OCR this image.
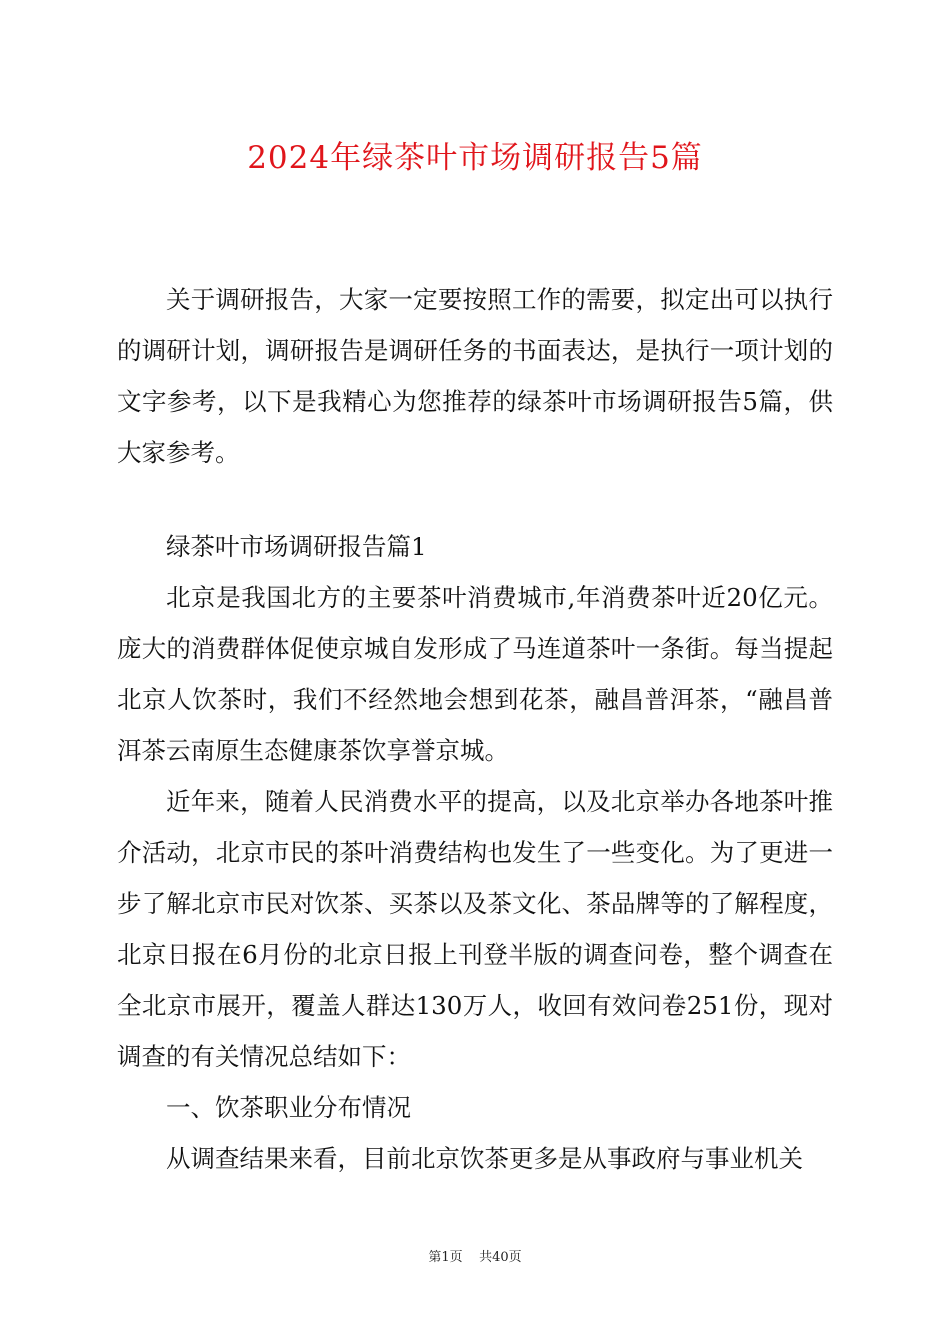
2024年绿茶叶市场调研报告5篇

关于调研报告，大家一定要按照工作的需要，拟定出可以执行的调研计划，调研报告是调研任务的书面表达，是执行一项计划的文字参考，以下是我精心为您推荐的绿茶叶市场调研报告5篇，供大家参考。

绿茶叶市场调研报告篇1

北京是我国北方的主要茶叶消费城市,年消费茶叶近20亿元。庞大的消费群体促使京城自发形成了马连道茶叶一条街。每当提起北京人饮茶时，我们不经然地会想到花茶，融昌普洱茶，“融昌普洱茶云南原生态健康茶饮享誉京城。

近年来，随着人民消费水平的提高，以及北京举办各地茶叶推介活动，北京市民的茶叶消费结构也发生了一些变化。为了更进一步了解北京市民对饮茶、买茶以及茶文化、茶品牌等的了解程度，北京日报在6月份的北京日报上刊登半版的调查问卷，整个调查在全北京市展开，覆盖人群达130万人，收回有效问卷251份，现对调查的有关情况总结如下：

一、饮茶职业分布情况

从调查结果来看，目前北京饮茶更多是从事政府与事业机关

第1页 共40页
